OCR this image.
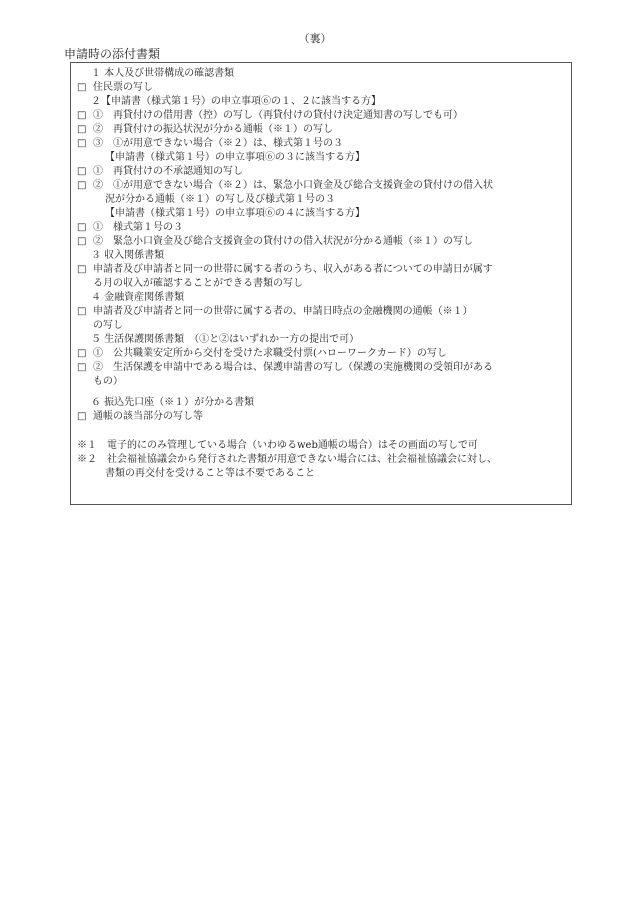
（裏）
申請時の添付書類
１ 本人及び世帯構成の確認書類
□ 住民票の写し
２【申請書（様式第１号）の申立事項⑥の１、２に該当する方】
□ ①　再貸付けの借用書（控）の写し（再貸付けの貸付け決定通知書の写しでも可）
□ ②　再貸付けの振込状況が分かる通帳（※１）の写し
□ ③　①が用意できない場合（※２）は、様式第１号の３
【申請書（様式第１号）の申立事項⑥の３に該当する方】
□ ①　再貸付けの不承認通知の写し
□ ②　①が用意できない場合（※２）は、緊急小口資金及び総合支援資金の貸付けの借入状
況が分かる通帳（※１）の写し及び様式第１号の３
【申請書（様式第１号）の申立事項⑥の４に該当する方】
□ ①　様式第１号の３
□ ②　緊急小口資金及び総合支援資金の貸付けの借入状況が分かる通帳（※１）の写し
３ 収入関係書類
□ 申請者及び申請者と同一の世帯に属する者のうち、収入がある者についての申請日が属す
る月の収入が確認することができる書類の写し
４ 金融資産関係書類
□ 申請者及び申請者と同一の世帯に属する者の、申請日時点の金融機関の通帳（※１）
の写し
５ 生活保護関係書類　（①と②はいずれか一方の提出で可）
□ ①　公共職業安定所から交付を受けた求職受付票(ハローワークカード）の写し
□ ②　生活保護を申請中である場合は、保護申請書の写し（保護の実施機関の受領印がある
もの）
６ 振込先口座（※１）が分かる書類
□ 通帳の該当部分の写し等
※１　電子的にのみ管理している場合（いわゆるweb通帳の場合）はその画面の写しで可
※２　社会福祉協議会から発行された書類が用意できない場合には、社会福祉協議会に対し、
書類の再交付を受けること等は不要であること
